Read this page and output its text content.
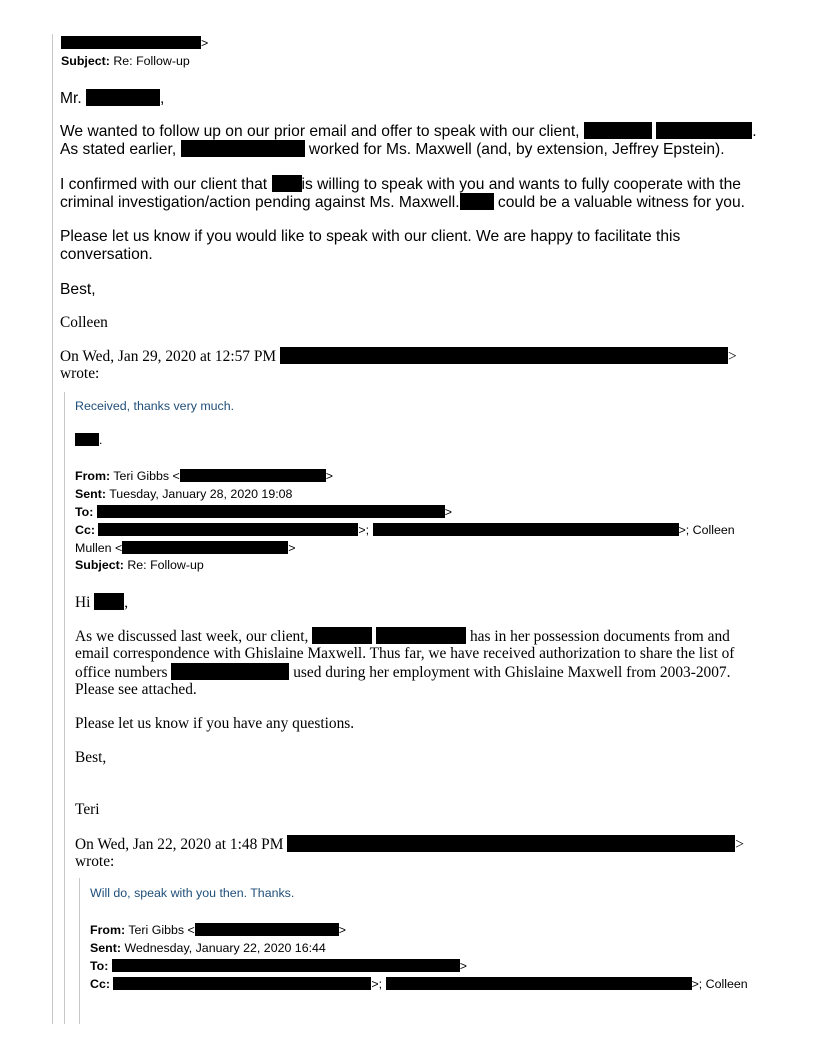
>
Subject: Re: Follow-up
Mr.	,
We wanted to follow up on our prior email and offer to speak with our client,	.
As stated earlier,	worked for Ms. Maxwell (and, by extension, Jeffrey Epstein).
I confirmed with our client that is willing to speak with you and wants to fully cooperate with the
criminal investigation/action pending against Ms. Maxwell. could be a valuable witness for you.
Please let us know if you would like to speak with our client. We are happy to facilitate this
conversation.
Best,
Colleen
On Wed, Jan 29, 2020 at 12:57 PM	>
wrote:
Received, thanks very much.
.
From: Teri Gibbs <	>
Sent: Tuesday, January 28, 2020 19:08
To:	>
Cc:	>;	>; Colleen
Mullen <	>
Subject: Re: Follow-up
Hi ,
As we discussed last week, our client,	has in her possession documents from and
email correspondence with Ghislaine Maxwell. Thus far, we have received authorization to share the list of
office numbers	used during her employment with Ghislaine Maxwell from 2003-2007.
Please see attached.
Please let us know if you have any questions.
Best,
Teri
On Wed, Jan 22, 2020 at 1:48 PM	>
wrote:
Will do, speak with you then. Thanks.
From: Teri Gibbs <	>
Sent: Wednesday, January 22, 2020 16:44
To:	>
Cc:	>;	>; Colleen
